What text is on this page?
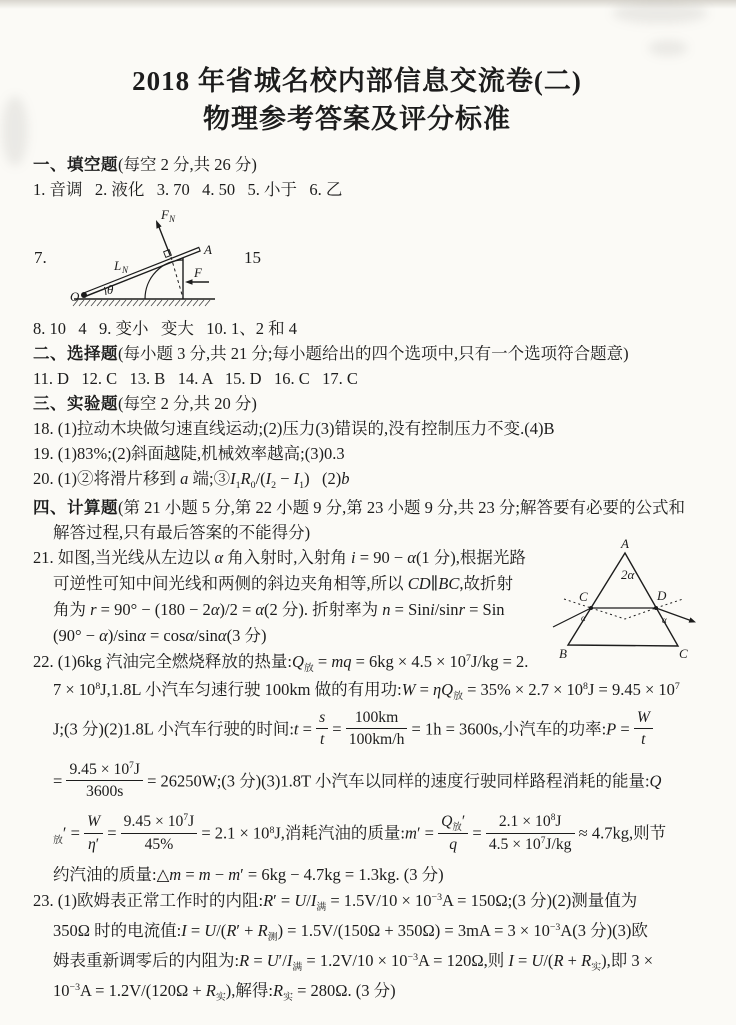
2018 年省城名校内部信息交流卷(二)
物理参考答案及评分标准
一、填空题(每空 2 分,共 26 分)
1. 音调   2. 液化   3. 70   4. 50   5. 小于   6. 乙
7.
O
A
F
F N
L N
θ
15
8. 10   4   9. 变小   变大   10. 1、2 和 4
二、选择题(每小题 3 分,共 21 分;每小题给出的四个选项中,只有一个选项符合题意)
11. D   12. C   13. B   14. A   15. D   16. C   17. C
三、实验题(每空 2 分,共 20 分)
18. (1)拉动木块做匀速直线运动;(2)压力(3)错误的,没有控制压力不变.(4)B
19. (1)83%;(2)斜面越陡,机械效率越高;(3)0.3
20. (1)②将滑片移到 a 端$;③I_1R_0/(I_2 - I_1)$   (2)b
四、计算题(第 21 小题 5 分,第 22 小题 9 分,第 23 小题 9 分,共 23 分;解答要有必要的公式和
解答过程,只有最后答案的不能得分)
21. 如图,当光线从左边以 α 角入射时,入射角 i = 90 − α(1 分),根据光路
可逆性可知中间光线和两侧的斜边夹角相等,所以 CD∥BC,故折射
角为 r = 90° − (180 − 2α)/2 = α(2 分). 折射率为 n = Sini/sinr = Sin
(90° − α)/sinα = cosα/sinα(3 分)
22. (1)6kg 汽油完全燃烧释放的热量$:Q_放$ = mq = $6kg \times 4.5 \times 10^7J/kg = 2$.
$7 \times 10^8J,1.8L$ 小汽车匀速行驶 100km 做的有用功:W = $\eta Q_放 = 35\% \times 2.7 \times 10^8J = 9.45 \times 10^7$
J;(3 分)(2)1.8L 小汽车行驶的时间:t = $\frac{s}{t} = \frac{100km}{100km/h} = 1h = 3600s$,小汽车的功率:P = $\frac{W}{t}$
= $\frac{9.45 \times 10^7J}{3600s}$ = 26250W;(3 分)(3)1.8T 小汽车以同样的速度行驶同样路程消耗的能量:Q
$_放' = \frac{W}{\eta'} = \frac{9.45 \times 10^7J}{45\%} = 2.1 \times 10^8J$,消耗汽油的质量:m′ = $\frac{Q_放'}{q} = \frac{2.1 \times 10^8J}{4.5 \times 10^7J/kg} \approx 4.7kg$,则节
约汽油的质量:△m = m − m′ = 6kg − 4.7kg = 1.3kg. (3 分)
23. (1)欧姆表正常工作时的内阻:R′ = $U/I_满 = 1.5V/10 \times 10^{-3}A$ = 150Ω;(3 分)(2)测量值为
350Ω 时的电流值:I = $U/(R' + R_测) = 1.5V/(150\Omega + 350\Omega) = 3mA = 3 \times 10^{-3}A(3$ 分)(3)欧
姆表重新调零后的内阻为:R = $U'/I_满 = 1.2V/10 \times 10^{-3}A = 120\Omega$,则 $I = U/(R + R_实)$,即 3 ×
$10^{-3}A = 1.2V/(120\Omega + R_实)$,解得$:R_实 = 280\Omega$. (3 分)
A
2α
C	D
B	C
α	α
